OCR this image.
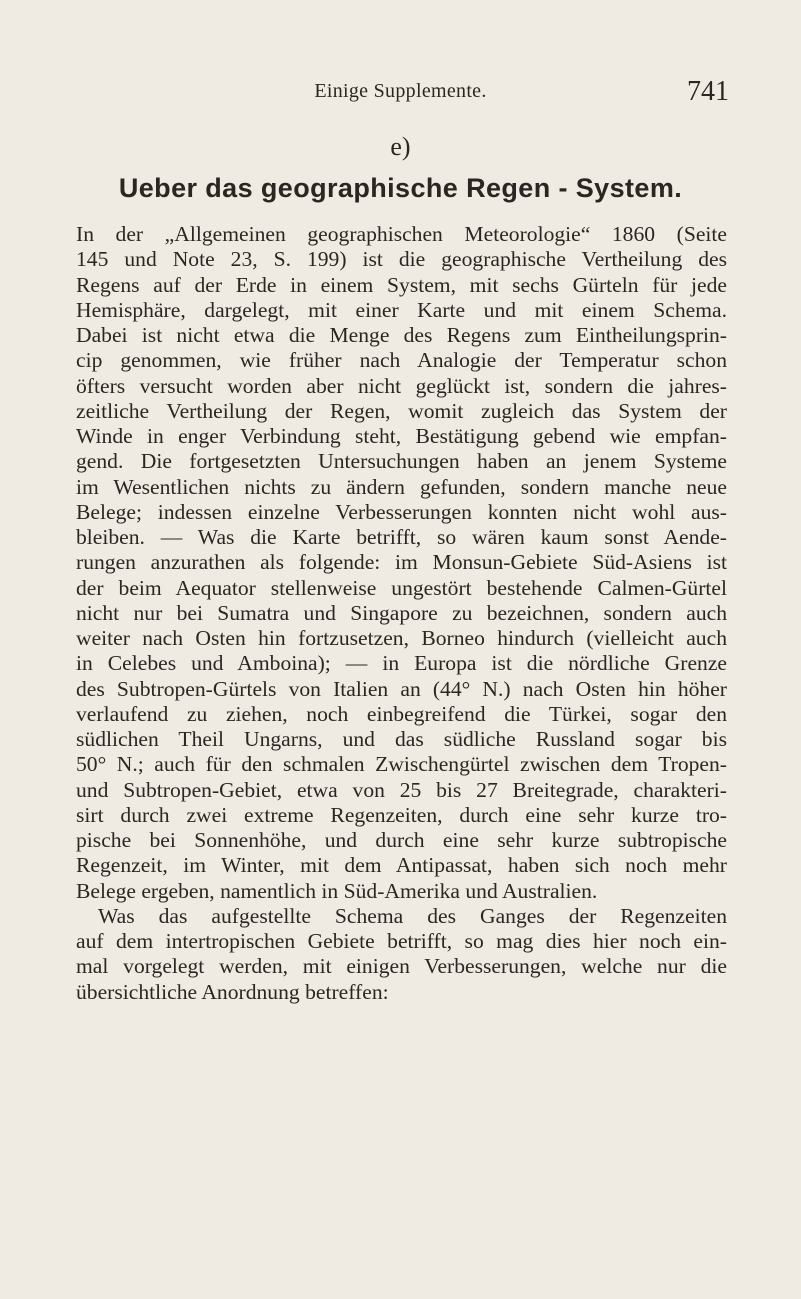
Einige Supplemente.	741
e)
Ueber das geographische Regen - System.
In der „Allgemeinen geographischen Meteorologie“ 1860 (Seite
145 und Note 23, S. 199) ist die geographische Vertheilung des
Regens auf der Erde in einem System, mit sechs Gürteln für jede
Hemisphäre, dargelegt, mit einer Karte und mit einem Schema.
Dabei ist nicht etwa die Menge des Regens zum Eintheilungsprin-
cip genommen, wie früher nach Analogie der Temperatur schon
öfters versucht worden aber nicht geglückt ist, sondern die jahres-
zeitliche Vertheilung der Regen, womit zugleich das System der
Winde in enger Verbindung steht, Bestätigung gebend wie empfan-
gend. Die fortgesetzten Untersuchungen haben an jenem Systeme
im Wesentlichen nichts zu ändern gefunden, sondern manche neue
Belege; indessen einzelne Verbesserungen konnten nicht wohl aus-
bleiben. — Was die Karte betrifft, so wären kaum sonst Aende-
rungen anzurathen als folgende: im Monsun-Gebiete Süd-Asiens ist
der beim Aequator stellenweise ungestört bestehende Calmen-Gürtel
nicht nur bei Sumatra und Singapore zu bezeichnen, sondern auch
weiter nach Osten hin fortzusetzen, Borneo hindurch (vielleicht auch
in Celebes und Amboina); — in Europa ist die nördliche Grenze
des Subtropen-Gürtels von Italien an (44° N.) nach Osten hin höher
verlaufend zu ziehen, noch einbegreifend die Türkei, sogar den
südlichen Theil Ungarns, und das südliche Russland sogar bis
50° N.; auch für den schmalen Zwischengürtel zwischen dem Tropen-
und Subtropen-Gebiet, etwa von 25 bis 27 Breitegrade, charakteri-
sirt durch zwei extreme Regenzeiten, durch eine sehr kurze tro-
pische bei Sonnenhöhe, und durch eine sehr kurze subtropische
Regenzeit, im Winter, mit dem Antipassat, haben sich noch mehr
Belege ergeben, namentlich in Süd-Amerika und Australien.
Was das aufgestellte Schema des Ganges der Regenzeiten
auf dem intertropischen Gebiete betrifft, so mag dies hier noch ein-
mal vorgelegt werden, mit einigen Verbesserungen, welche nur die
übersichtliche Anordnung betreffen:
